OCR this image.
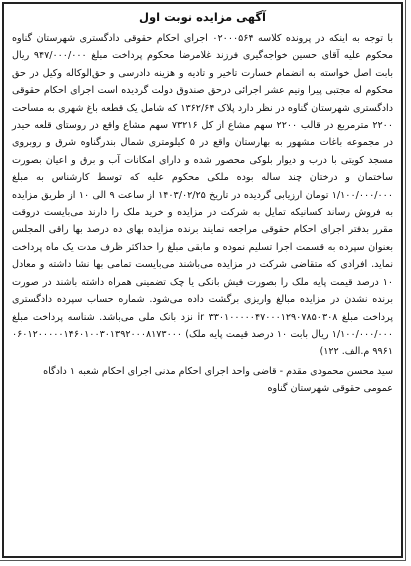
آگهی مزایده نوبت اول

با توجه به اینکه در پرونده کلاسه ۰۲۰۰۰۵۶۴ اجرای احکام حقوقی دادگستری شهرستان گناوه محکوم علیه آقای حسین خواجه‌گیری فرزند غلامرضا محکوم پرداخت مبلغ ۹۴۷/۰۰۰/۰۰۰ ریال بابت اصل خواسته به انضمام خسارت تاخیر و تادیه و هزینه دادرسی و حق‌الوکاله وکیل در حق محکوم له مجتبی پیرا ونیم عشر اجرائی درحق صندوق دولت گردیده است اجرای احکام حقوقی دادگستری شهرستان گناوه در نظر دارد پلاک ۱۳۶۲/۶۴ که شامل یک قطعه باغ شهری به مساحت ۲۲۰۰ مترمربع در قالب ۲۲۰۰ سهم مشاع از کل ۷۳۲۱۶ سهم مشاع واقع در روستای قلعه حیدر در مجموعه باغات مشهور به بهارستان واقع در ۵ کیلومتری شمال بندرگناوه شرق و روبروی مسجد کویتی با درب و دیوار بلوکی محصور شده و دارای امکانات آب و برق و اعیان بصورت ساختمان و درختان چند ساله بوده ملکی محکوم علیه که توسط کارشناس به مبلغ ۱/۱۰۰/۰۰۰/۰۰۰ تومان ارزیابی گردیده در تاریخ ۱۴۰۳/۰۲/۲۵ از ساعت ۹ الی ۱۰ از طریق مزایده به فروش رساند کسانیکه تمایل به شرکت در مزایده و خرید ملک را دارند می‌بایست دروقت مقرر بدفتر اجرای احکام حقوقی مراجعه نمایند برنده مزایده بهای ده درصد بها راقی المجلس بعنوان سپرده به قسمت اجرا تسلیم نموده و مابقی مبلغ را حداکثر ظرف مدت یک ماه پرداخت نماید. افرادی که متقاضی شرکت در مزایده می‌باشند می‌بایست تمامی بها نشا داشته و معادل ۱۰ درصد قیمت پایه ملک را بصورت فیش بانکی یا چک تضمینی همراه داشته باشند در صورت برنده نشدن در مزایده مبالغ واریزی برگشت داده می‌شود. شماره حساب سپرده دادگستری پرداخت مبلغ ir ۳۳۰۱۰۰۰۰۰۴۷۰۰۰۱۲۹۰۷۸۵۰۳۰۸ نزد بانک ملی می‌باشد. شناسه پرداخت مبلغ ۱/۱۰۰/۰۰۰/۰۰۰ ریال بابت ۱۰ درصد قیمت پایه ملک) ۰۶۰۱۲۰۰۰۰۰۱۴۶۰۱۰۰۳۰۱۳۹۲۰۰۰۸۱۷۳۰۰۰ ۹۹۶۱ م.الف. ۱۲۲)

سید محسن محمودی مقدم - قاضی واحد اجرای احکام مدنی اجرای احکام شعبه ۱ دادگاه عمومی حقوقی شهرستان گناوه
